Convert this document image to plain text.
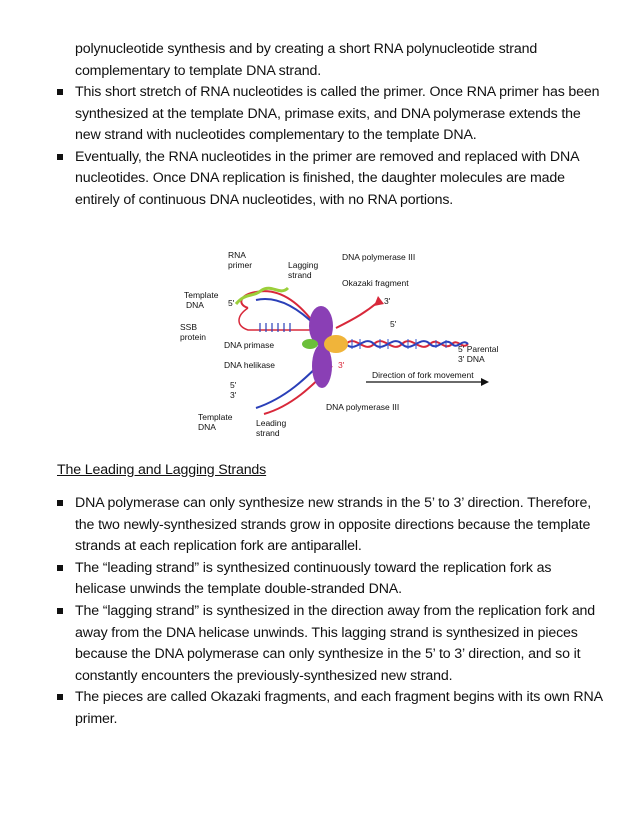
polynucleotide synthesis and by creating a short RNA polynucleotide strand complementary to template DNA strand.
This short stretch of RNA nucleotides is called the primer. Once RNA primer has been synthesized at the template DNA, primase exits, and DNA polymerase extends the new strand with nucleotides complementary to the template DNA.
Eventually, the RNA nucleotides in the primer are removed and replaced with DNA nucleotides. Once DNA replication is finished, the daughter molecules are made entirely of continuous DNA nucleotides, with no RNA portions.
RNA
primer	Lagging
strand
DNA polymerase III
Okazaki fragment
Template
DNA	5'	3'
5'
SSB
protein
DNA primase
DNA helikase
5' Parental
3' DNA
3'
Direction of fork movement
5'
3'
DNA polymerase III
Template
DNA	Leading
strand
The Leading and Lagging Strands
DNA polymerase can only synthesize new strands in the 5’ to 3’ direction. Therefore, the two newly-synthesized strands grow in opposite directions because the template strands at each replication fork are antiparallel.
The “leading strand” is synthesized continuously toward the replication fork as helicase unwinds the template double-stranded DNA.
The “lagging strand” is synthesized in the direction away from the replication fork and away from the DNA helicase unwinds. This lagging strand is synthesized in pieces because the DNA polymerase can only synthesize in the 5’ to 3’ direction, and so it constantly encounters the previously-synthesized new strand.
The pieces are called Okazaki fragments, and each fragment begins with its own RNA primer.
